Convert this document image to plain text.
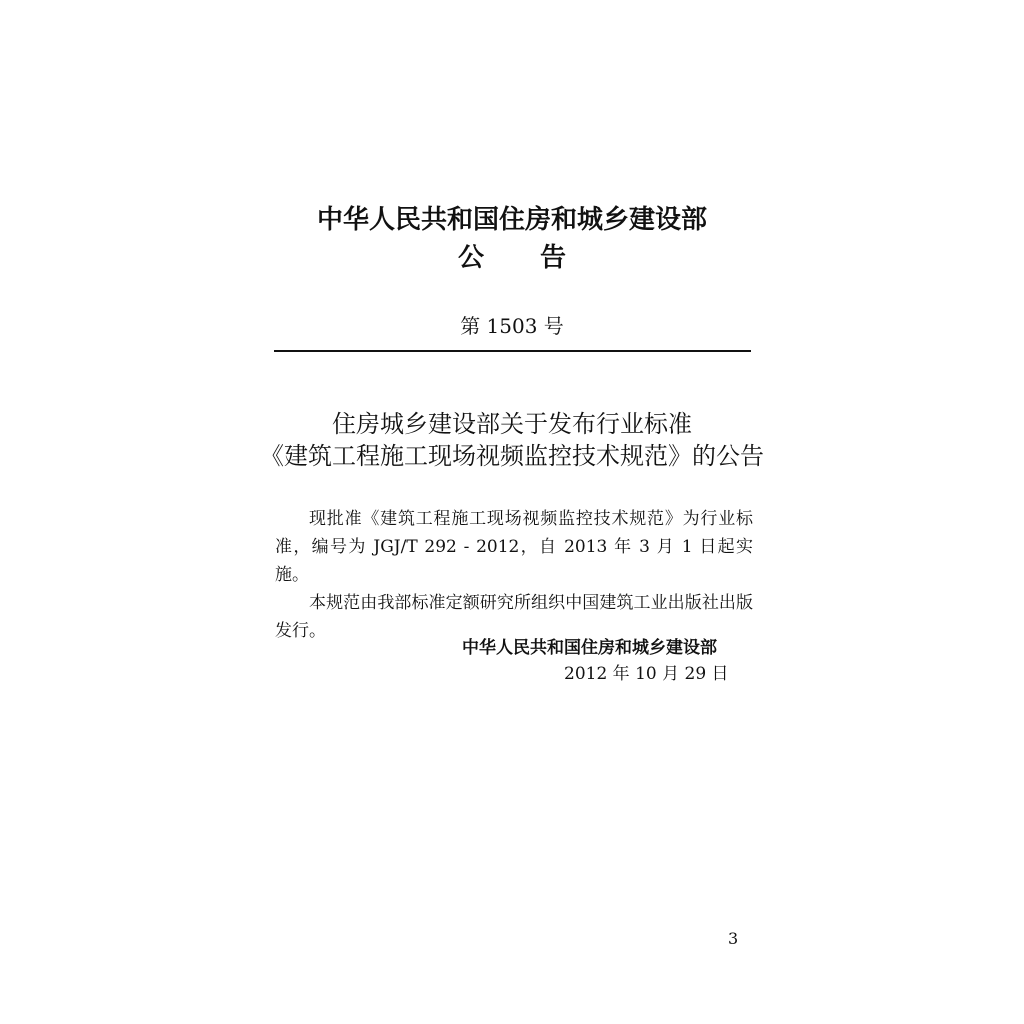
中华人民共和国住房和城乡建设部
公 告
第 1503 号
住房城乡建设部关于发布行业标准
《建筑工程施工现场视频监控技术规范》的公告

现批准《建筑工程施工现场视频监控技术规范》为行业标准，编号为 JGJ/T 292 - 2012，自 2013 年 3 月 1 日起实施。

本规范由我部标准定额研究所组织中国建筑工业出版社出版发行。

中华人民共和国住房和城乡建设部
2012 年 10 月 29 日
3
